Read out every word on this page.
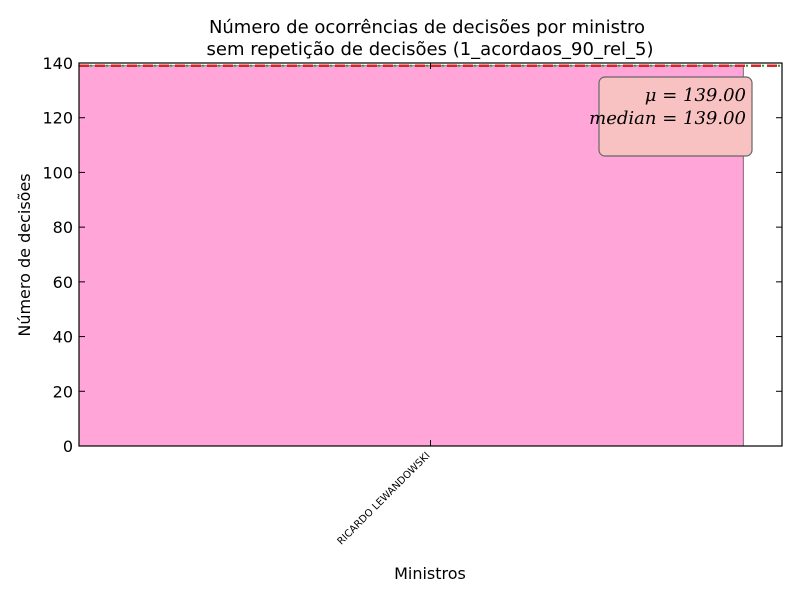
Número de ocorrências de decisões por ministro
sem repetição de decisões (1_acordaos_90_rel_5)
0
20
40
60
80
100
120
140
RICARDO LEWANDOWSKI
Ministros
Número de decisões
μ = 139.00
median = 139.00
